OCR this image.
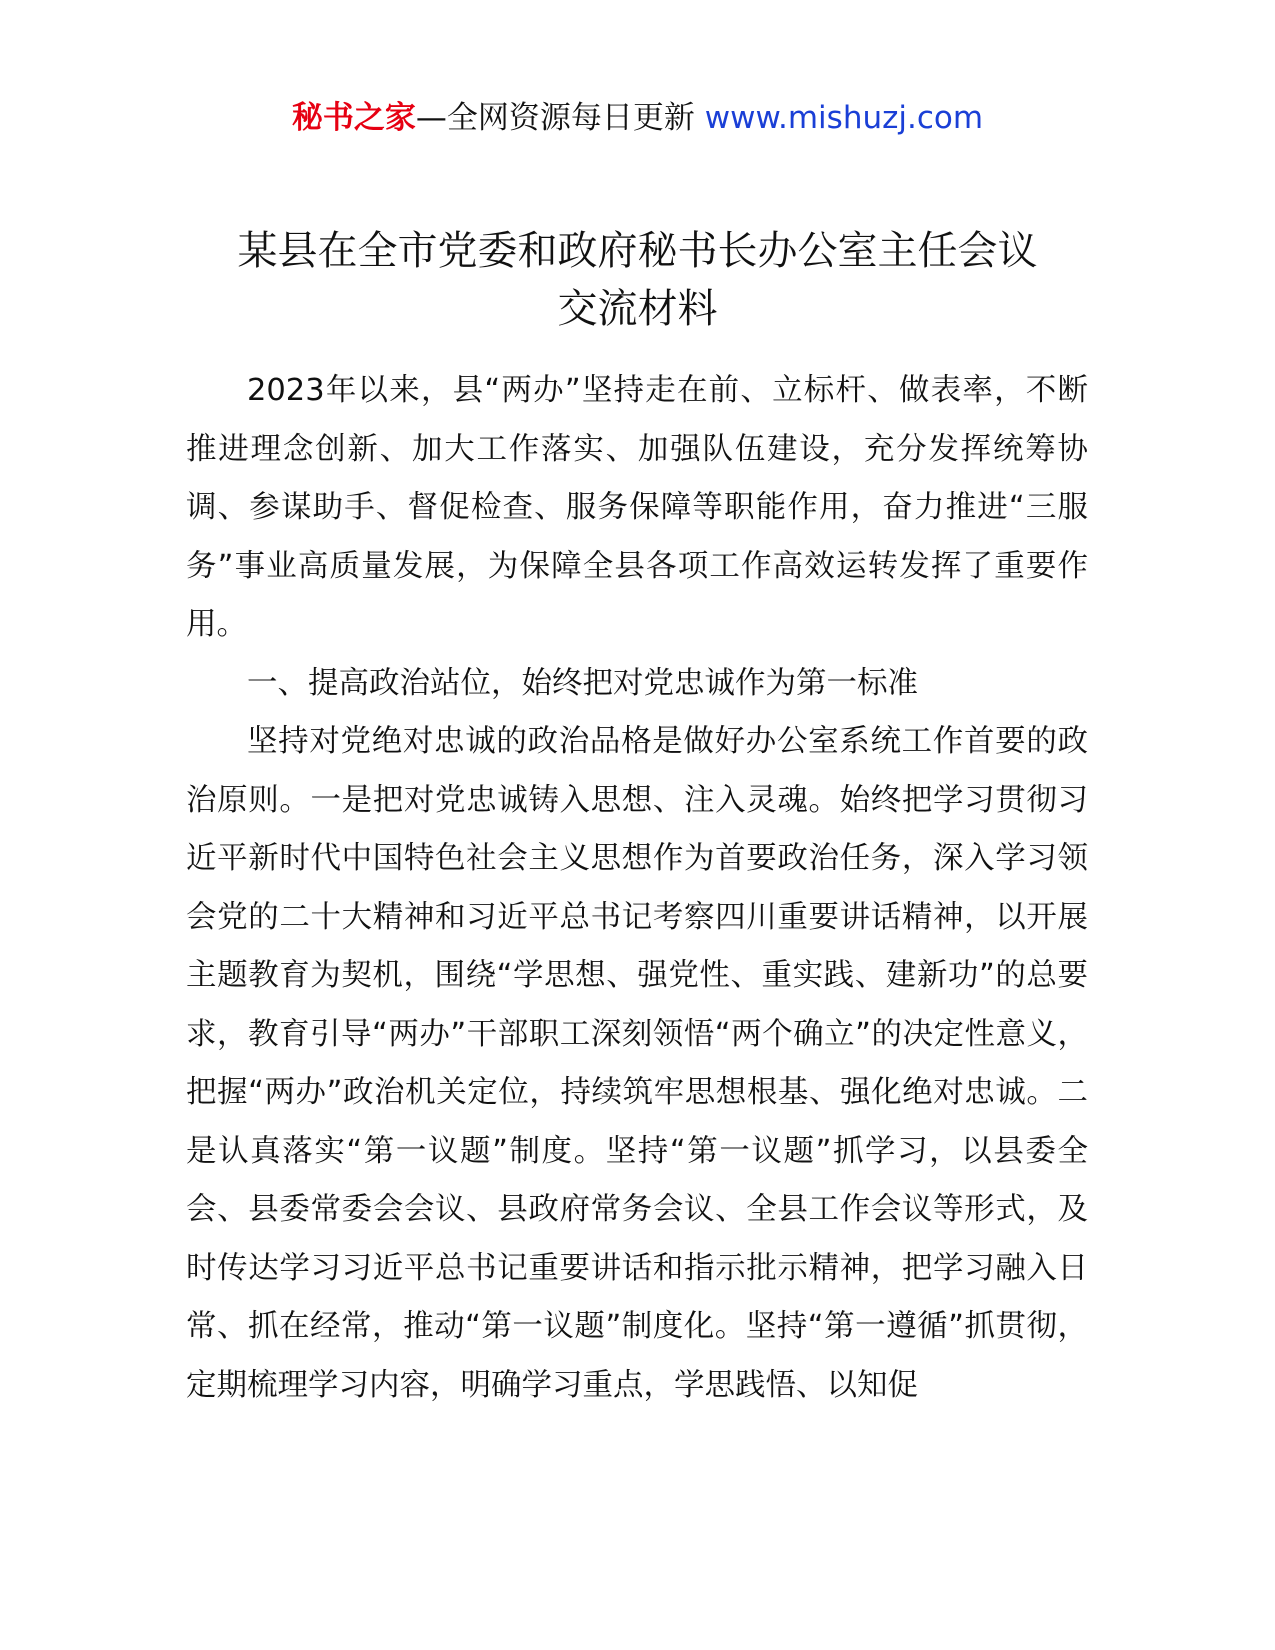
秘书之家—全网资源每日更新 www.mishuzj.com
某县在全市党委和政府秘书长办公室主任会议
交流材料

2023年以来，县“两办”坚持走在前、立标杆、做表率，不断推进理念创新、加大工作落实、加强队伍建设，充分发挥统筹协调、参谋助手、督促检查、服务保障等职能作用，奋力推进“三服务”事业高质量发展，为保障全县各项工作高效运转发挥了重要作用。

一、提高政治站位，始终把对党忠诚作为第一标准

坚持对党绝对忠诚的政治品格是做好办公室系统工作首要的政治原则。一是把对党忠诚铸入思想、注入灵魂。始终把学习贯彻习近平新时代中国特色社会主义思想作为首要政治任务，深入学习领会党的二十大精神和习近平总书记考察四川重要讲话精神，以开展主题教育为契机，围绕“学思想、强党性、重实践、建新功”的总要求，教育引导“两办”干部职工深刻领悟“两个确立”的决定性意义，把握“两办”政治机关定位，持续筑牢思想根基、强化绝对忠诚。二是认真落实“第一议题”制度。坚持“第一议题”抓学习，以县委全会、县委常委会会议、县政府常务会议、全县工作会议等形式，及时传达学习习近平总书记重要讲话和指示批示精神，把学习融入日常、抓在经常，推动“第一议题”制度化。坚持“第一遵循”抓贯彻，定期梳理学习内容，明确学习重点，学思践悟、以知促
